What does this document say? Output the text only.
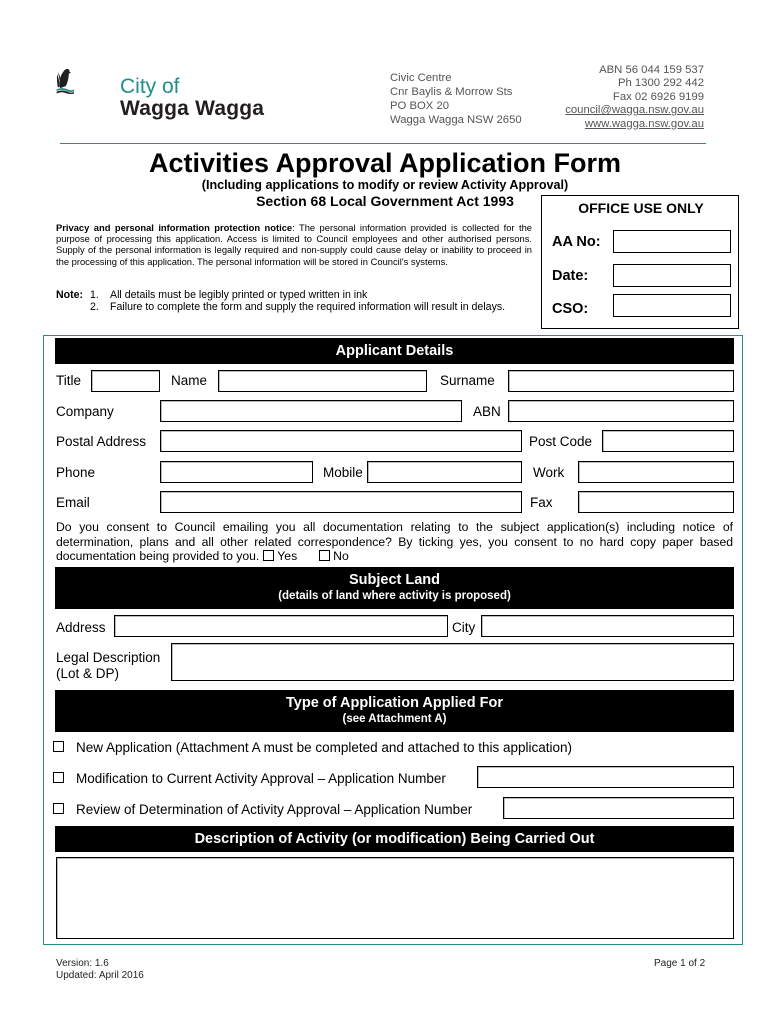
City of
Wagga Wagga
Civic Centre
Cnr Baylis & Morrow Sts
PO BOX 20
Wagga Wagga NSW 2650
ABN 56 044 159 537
Ph 1300 292 442
Fax 02 6926 9199
council@wagga.nsw.gov.au
www.wagga.nsw.gov.au
Activities Approval Application Form
(Including applications to modify or review Activity Approval)
Section 68 Local Government Act 1993
Privacy and personal information protection notice: The personal information provided is collected for the purpose of processing this application. Access is limited to Council employees and other authorised persons. Supply of the personal information is legally required and non-supply could cause delay or inability to proceed in the processing of this application. The personal information will be stored in Council's systems.
Note: 1.	All details must be legibly printed or typed written in ink
2.	Failure to complete the form and supply the required information will result in delays.
OFFICE USE ONLY
AA No:
Date:
CSO:
Applicant Details
Title	Name	Surname
Company	ABN
Postal Address	Post Code
Phone	Mobile	Work
Email	Fax
Do you consent to Council emailing you all documentation relating to the subject application(s) including notice of determination, plans and all other related correspondence? By ticking yes, you consent to no hard copy paper based documentation being provided to you. Yes	No
Subject Land
(details of land where activity is proposed)
Address	City
Legal Description
(Lot & DP)
Type of Application Applied For
(see Attachment A)
New Application (Attachment A must be completed and attached to this application)
Modification to Current Activity Approval – Application Number
Review of Determination of Activity Approval – Application Number
Description of Activity (or modification) Being Carried Out
Version: 1.6
Updated: April 2016
Page 1 of 2
